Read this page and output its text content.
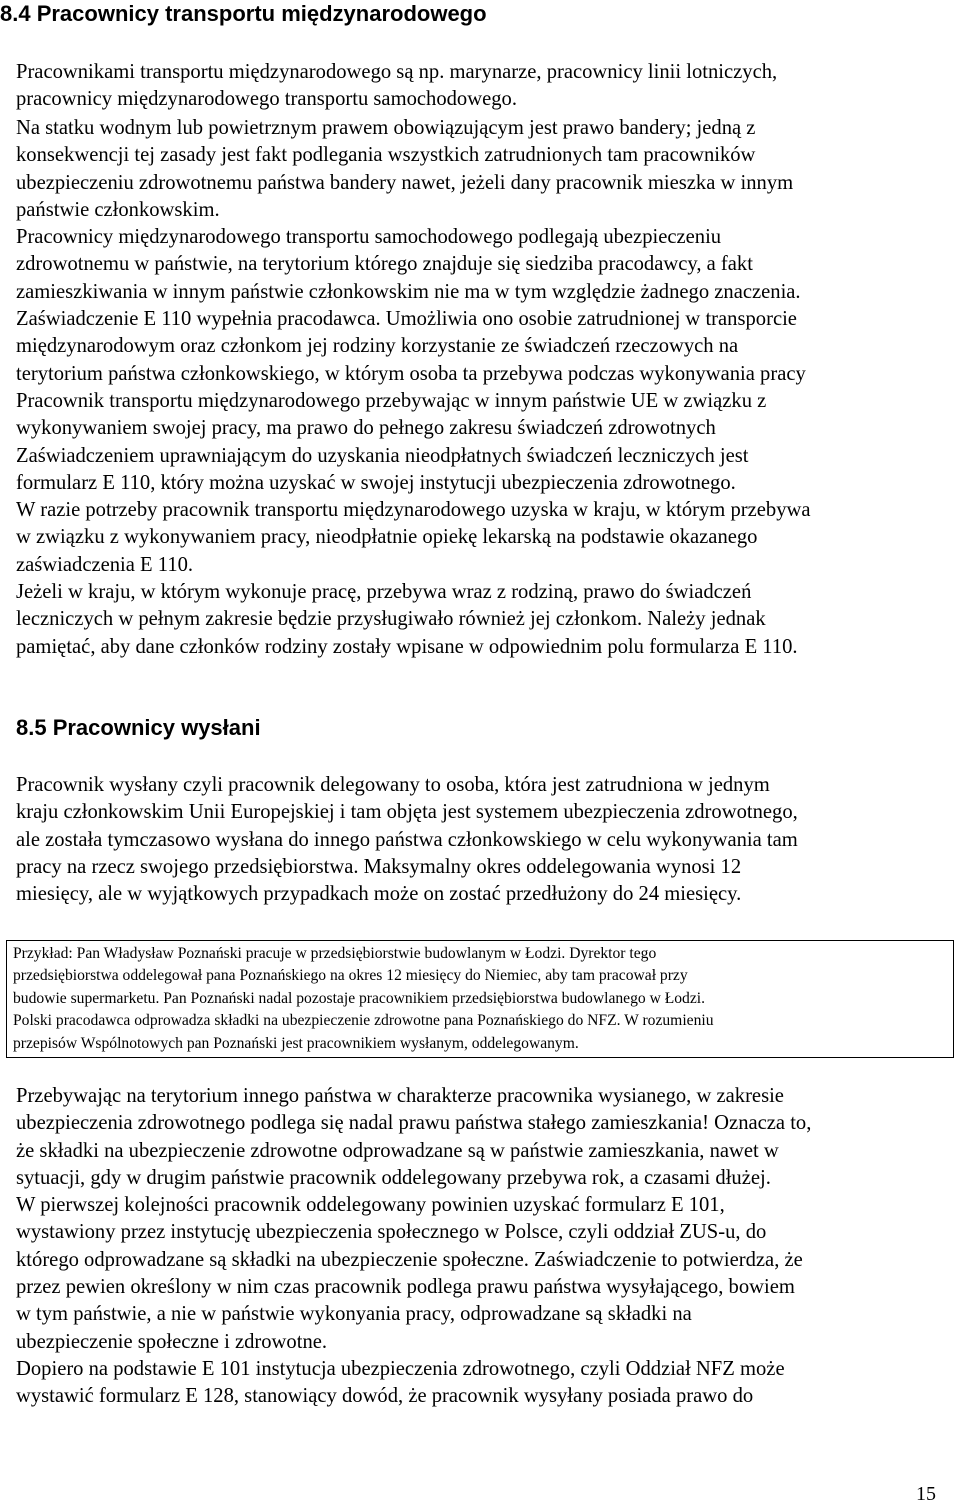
8.4 Pracownicy transportu międzynarodowego
Pracownikami transportu międzynarodowego są np. marynarze, pracownicy linii lotniczych,
pracownicy międzynarodowego transportu samochodowego.
Na statku wodnym lub powietrznym prawem obowiązującym jest prawo bandery; jedną z
konsekwencji tej zasady jest fakt podlegania wszystkich zatrudnionych tam pracowników
ubezpieczeniu zdrowotnemu państwa bandery nawet, jeżeli dany pracownik mieszka w innym
państwie członkowskim.
Pracownicy międzynarodowego transportu samochodowego podlegają ubezpieczeniu
zdrowotnemu w państwie, na terytorium którego znajduje się siedziba pracodawcy, a fakt
zamieszkiwania w innym państwie członkowskim nie ma w tym względzie żadnego znaczenia.
Zaświadczenie E 110 wypełnia pracodawca. Umożliwia ono osobie zatrudnionej w transporcie
międzynarodowym oraz członkom jej rodziny korzystanie ze świadczeń rzeczowych na
terytorium państwa członkowskiego, w którym osoba ta przebywa podczas wykonywania pracy
Pracownik transportu międzynarodowego przebywając w innym państwie UE w związku z
wykonywaniem swojej pracy, ma prawo do pełnego zakresu świadczeń zdrowotnych
Zaświadczeniem uprawniającym do uzyskania nieodpłatnych świadczeń leczniczych jest
formularz E 110, który można uzyskać w swojej instytucji ubezpieczenia zdrowotnego.
W razie potrzeby pracownik transportu międzynarodowego uzyska w kraju, w którym przebywa
w związku z wykonywaniem pracy, nieodpłatnie opiekę lekarską na podstawie okazanego
zaświadczenia E 110.
Jeżeli w kraju, w którym wykonuje pracę, przebywa wraz z rodziną, prawo do świadczeń
leczniczych w pełnym zakresie będzie przysługiwało również jej członkom. Należy jednak
pamiętać, aby dane członków rodziny zostały wpisane w odpowiednim polu formularza E 110.
8.5 Pracownicy wysłani
Pracownik wysłany czyli pracownik delegowany to osoba, która jest zatrudniona w jednym
kraju członkowskim Unii Europejskiej i tam objęta jest systemem ubezpieczenia zdrowotnego,
ale została tymczasowo wysłana do innego państwa członkowskiego w celu wykonywania tam
pracy na rzecz swojego przedsiębiorstwa. Maksymalny okres oddelegowania wynosi 12
miesięcy, ale w wyjątkowych przypadkach może on zostać przedłużony do 24 miesięcy.
Przykład: Pan Władysław Poznański pracuje w przedsiębiorstwie budowlanym w Łodzi. Dyrektor tego
przedsiębiorstwa oddelegował pana Poznańskiego na okres 12 miesięcy do Niemiec, aby tam pracował przy
budowie supermarketu. Pan Poznański nadal pozostaje pracownikiem przedsiębiorstwa budowlanego w Łodzi.
Polski pracodawca odprowadza składki na ubezpieczenie zdrowotne pana Poznańskiego do NFZ. W rozumieniu
przepisów Wspólnotowych pan Poznański jest pracownikiem wysłanym, oddelegowanym.
Przebywając na terytorium innego państwa w charakterze pracownika wysianego, w zakresie
ubezpieczenia zdrowotnego podlega się nadal prawu państwa stałego zamieszkania! Oznacza to,
że składki na ubezpieczenie zdrowotne odprowadzane są w państwie zamieszkania, nawet w
sytuacji, gdy w drugim państwie pracownik oddelegowany przebywa rok, a czasami dłużej.
W pierwszej kolejności pracownik oddelegowany powinien uzyskać formularz E 101,
wystawiony przez instytucję ubezpieczenia społecznego w Polsce, czyli oddział ZUS-u, do
którego odprowadzane są składki na ubezpieczenie społeczne. Zaświadczenie to potwierdza, że
przez pewien określony w nim czas pracownik podlega prawu państwa wysyłającego, bowiem
w tym państwie, a nie w państwie wykonyania pracy, odprowadzane są składki na
ubezpieczenie społeczne i zdrowotne.
Dopiero na podstawie E 101 instytucja ubezpieczenia zdrowotnego, czyli Oddział NFZ może
wystawić formularz E 128, stanowiący dowód, że pracownik wysyłany posiada prawo do
15
